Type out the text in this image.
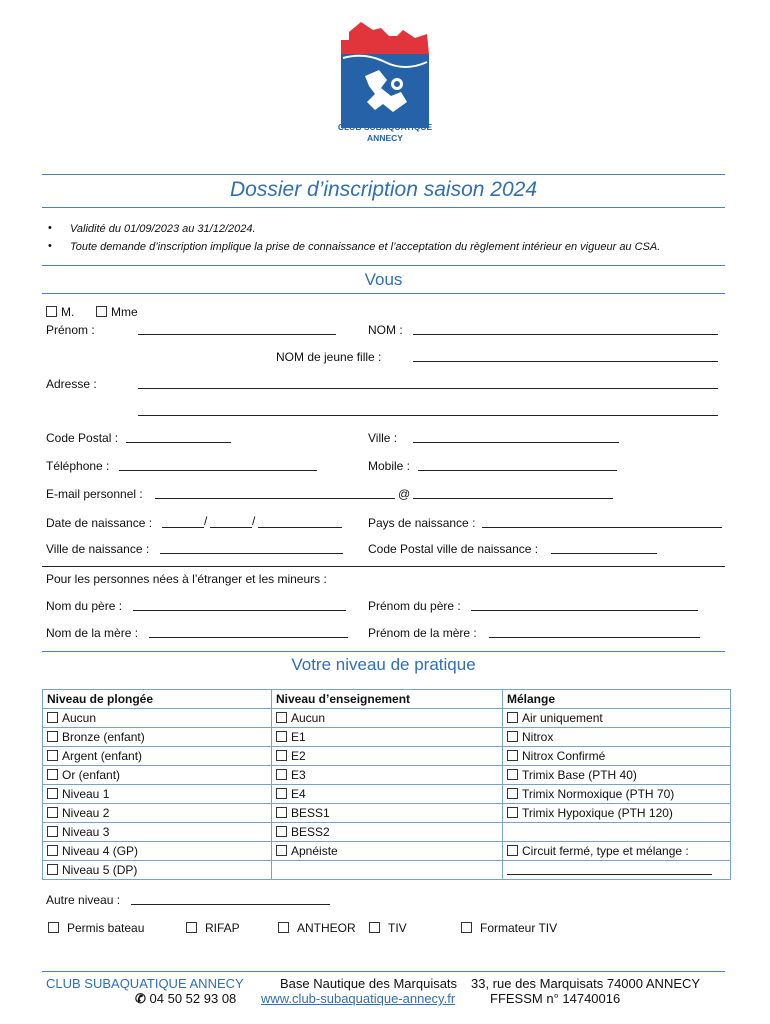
CLUB SUBAQUATIQUE
ANNECY
Dossier d’inscription saison 2024
• Validité du 01/09/2023 au 31/12/2024.
• Toute demande d’inscription implique la prise de connaissance et l’acceptation du règlement intérieur en vigueur au CSA.
Vous
M.	Mme
Prénom :	NOM :
NOM de jeune fille :
Adresse :
Code Postal :	Ville :
Téléphone :	Mobile :
E-mail personnel :	@
Date de naissance :	/	/	Pays de naissance :
Ville de naissance :	Code Postal ville de naissance :
Pour les personnes nées à l’étranger et les mineurs :
Nom du père :	Prénom du père :
Nom de la mère :	Prénom de la mère :
Votre niveau de pratique
Niveau de plongée	Niveau d’enseignement	Mélange
Aucun	Aucun	Air uniquement
Bronze (enfant)	E1	Nitrox
Argent (enfant)	E2	Nitrox Confirmé
Or (enfant)	E3	Trimix Base (PTH 40)
Niveau 1	E4	Trimix Normoxique (PTH 70)
Niveau 2	BESS1	Trimix Hypoxique (PTH 120)
Niveau 3	BESS2	
Niveau 4 (GP)	Apnéiste	Circuit fermé, type et mélange :
Niveau 5 (DP)		
Autre niveau :
Permis bateau	RIFAP	ANTHEOR	TIV	Formateur TIV
CLUB SUBAQUATIQUE ANNECY	Base Nautique des Marquisats 33, rue des Marquisats 74000 ANNECY
✆ 04 50 52 93 08 www.club-subaquatique-annecy.fr	FFESSM n° 14740016
